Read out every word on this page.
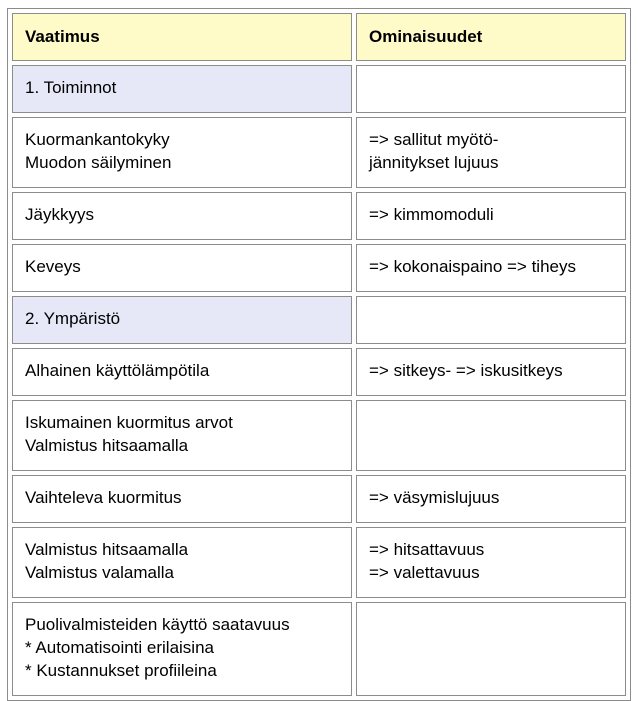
Vaatimus	Ominaisuudet

1. Toiminnot	

Kuormankantokyky
Muodon säilyminen	=> sallitut myötö-
jännitykset lujuus

Jäykkyys	=> kimmomoduli

Keveys	=> kokonaispaino => tiheys

2. Ympäristö	

Alhainen käyttölämpötila	=> sitkeys- => iskusitkeys

Iskumainen kuormitus arvot
Valmistus hitsaamalla	

Vaihteleva kuormitus	=> väsymislujuus

Valmistus hitsaamalla
Valmistus valamalla	=> hitsattavuus
=> valettavuus

Puolivalmisteiden käyttö saatavuus
* Automatisointi erilaisina
* Kustannukset profiileina	
